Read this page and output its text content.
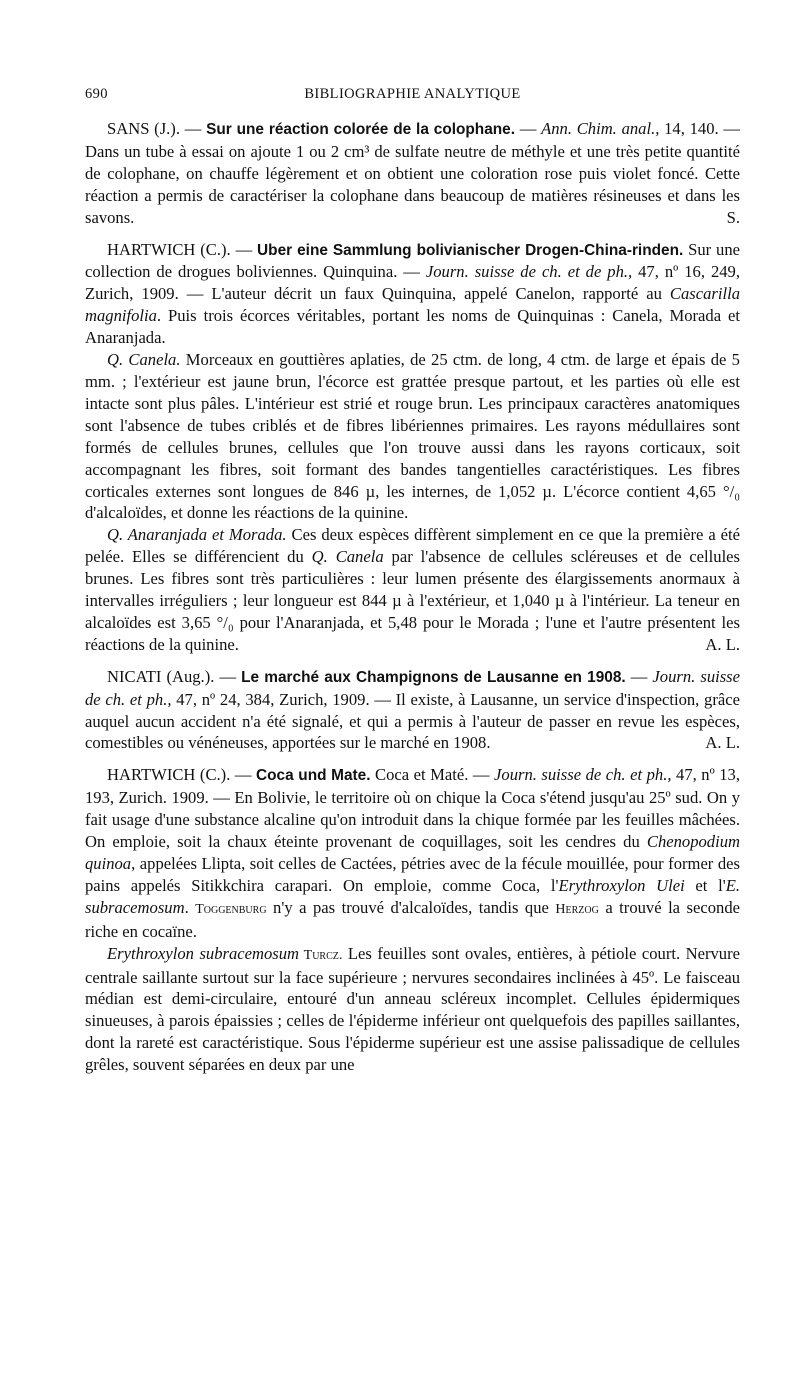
690	BIBLIOGRAPHIE ANALYTIQUE

SANS (J.). — Sur une réaction colorée de la colophane. — Ann. Chim. anal., 14, 140. — Dans un tube à essai on ajoute 1 ou 2 cm³ de sulfate neutre de méthyle et une très petite quantité de colophane, on chauffe légèrement et on obtient une coloration rose puis violet foncé. Cette réaction a permis de caractériser la colophane dans beaucoup de matières résineuses et dans les savons.	S.

HARTWICH (C.). — Uber eine Sammlung bolivianischer Drogen-China-rinden. Sur une collection de drogues boliviennes. Quinquina. — Journ. suisse de ch. et de ph., 47, nº 16, 249, Zurich, 1909. — L'auteur décrit un faux Quinquina, appelé Canelon, rapporté au Cascarilla magnifolia. Puis trois écorces véritables, portant les noms de Quinquinas : Canela, Morada et Anaranjada.

Q. Canela. Morceaux en gouttières aplaties, de 25 ctm. de long, 4 ctm. de large et épais de 5 mm. ; l'extérieur est jaune brun, l'écorce est grattée presque partout, et les parties où elle est intacte sont plus pâles. L'intérieur est strié et rouge brun. Les principaux caractères anatomiques sont l'absence de tubes criblés et de fibres libériennes primaires. Les rayons médullaires sont formés de cellules brunes, cellules que l'on trouve aussi dans les rayons corticaux, soit accompagnant les fibres, soit formant des bandes tangentielles caractéristiques. Les fibres corticales externes sont longues de 846 µ, les internes, de 1,052 µ. L'écorce contient 4,65 °/₀ d'alcaloïdes, et donne les réactions de la quinine.

Q. Anaranjada et Morada. Ces deux espèces diffèrent simplement en ce que la première a été pelée. Elles se différencient du Q. Canela par l'absence de cellules scléreuses et de cellules brunes. Les fibres sont très particulières : leur lumen présente des élargissements anormaux à intervalles irréguliers ; leur longueur est 844 µ à l'extérieur, et 1,040 µ à l'intérieur. La teneur en alcaloïdes est 3,65 °/₀ pour l'Anaranjada, et 5,48 pour le Morada ; l'une et l'autre présentent les réactions de la quinine.	A. L.

NICATI (Aug.). — Le marché aux Champignons de Lausanne en 1908. — Journ. suisse de ch. et ph., 47, nº 24, 384, Zurich, 1909. — Il existe, à Lausanne, un service d'inspection, grâce auquel aucun accident n'a été signalé, et qui a permis à l'auteur de passer en revue les espèces, comestibles ou vénéneuses, apportées sur le marché en 1908.	A. L.

HARTWICH (C.). — Coca und Mate. Coca et Maté. — Journ. suisse de ch. et ph., 47, nº 13, 193, Zurich. 1909. — En Bolivie, le territoire où on chique la Coca s'étend jusqu'au 25º sud. On y fait usage d'une substance alcaline qu'on introduit dans la chique formée par les feuilles mâchées. On emploie, soit la chaux éteinte provenant de coquillages, soit les cendres du Chenopodium quinoa, appelées Llipta, soit celles de Cactées, pétries avec de la fécule mouillée, pour former des pains appelés Sitikkchira carapari. On emploie, comme Coca, l'Erythroxylon Ulei et l'E. subracemosum. Toggenburg n'y a pas trouvé d'alcaloïdes, tandis que Herzog a trouvé la seconde riche en cocaïne.

Erythroxylon subracemosum Turcz. Les feuilles sont ovales, entières, à pétiole court. Nervure centrale saillante surtout sur la face supérieure ; nervures secondaires inclinées à 45º. Le faisceau médian est demi-circulaire, entouré d'un anneau scléreux incomplet. Cellules épidermiques sinueuses, à parois épaissies ; celles de l'épiderme inférieur ont quelquefois des papilles saillantes, dont la rareté est caractéristique. Sous l'épiderme supérieur est une assise palissadique de cellules grêles, souvent séparées en deux par une
